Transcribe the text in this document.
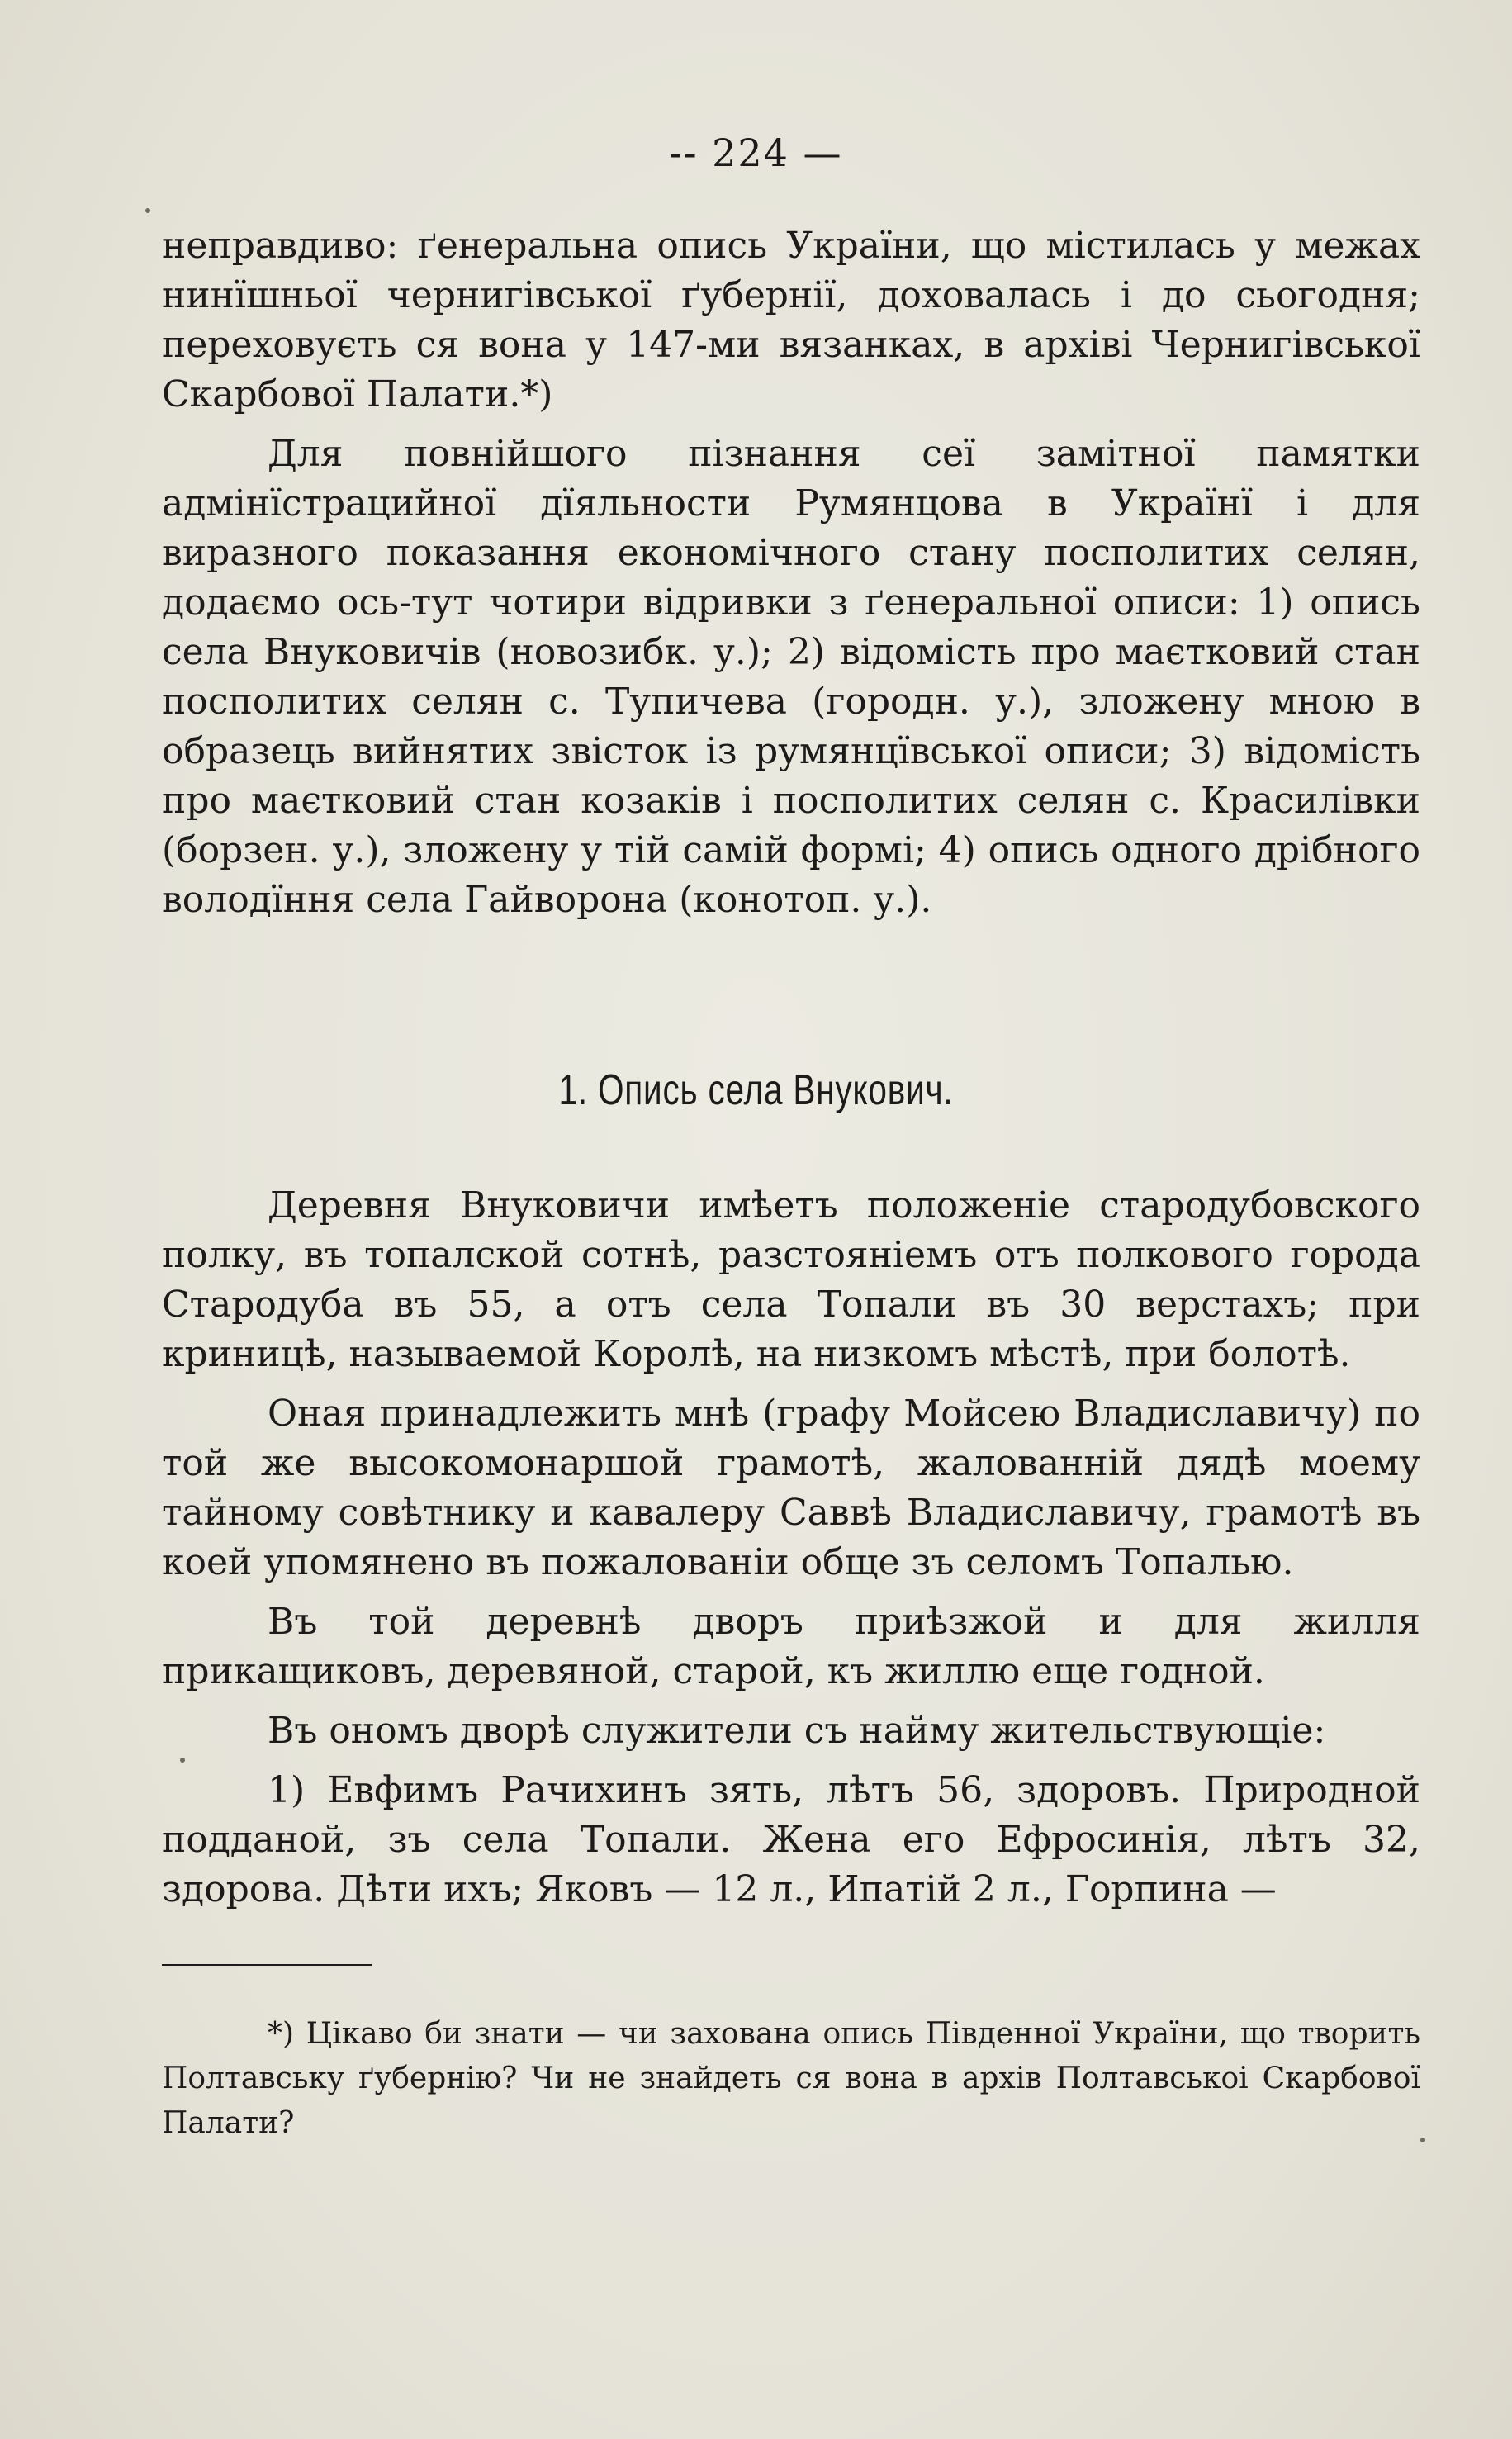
-- 224 —

неправдиво: ґенеральна опись України, що містилась у межах нинїшньої чернигівської ґубернії, доховалась і до сьогодня; переховуєть ся вона у 147-ми вязанках, в архіві Чернигівської Скарбової Палати.*)

Для повнійшого пізнання сеї замітної памятки адмінїстрацийної дїяльности Румянцова в Українї і для виразного показання економічного стану посполитих селян, додаємо ось-тут чотири відривки з ґенеральної описи: 1) опись села Внуковичів (новозибк. у.); 2) відомість про маєтковий стан посполитих селян с. Тупичева (городн. у.), зложену мною в образець вийнятих звісток із румянцївської описи; 3) відомість про маєтковий стан козаків і посполитих селян с. Красилівки (борзен. у.), зложену у тій самій формі; 4) опись одного дрібного володїння села Гайворона (конотоп. у.).

1. Опись села Внукович.

Деревня Внуковичи имѣетъ положеніе стародубовского полку, въ топалской сотнѣ, разстояніемъ отъ полкового города Стародуба въ 55, а отъ села Топали въ 30 верстахъ; при криницѣ, называемой Королѣ, на низкомъ мѣстѣ, при болотѣ.

Оная принадлежить мнѣ (графу Мойсею Владиславичу) по той же высокомонаршой грамотѣ, жалованній дядѣ моему тайному совѣтнику и кавалеру Саввѣ Владиславичу, грамотѣ въ коей упомянено въ пожалованіи обще зъ селомъ Топалью.

Въ той деревнѣ дворъ приѣзжой и для жилля прикащиковъ, деревяной, старой, къ жиллю еще годной.

Въ ономъ дворѣ служители съ найму жительствующіе:

1) Евфимъ Рачихинъ зять, лѣтъ 56, здоровъ. Природной подданой, зъ села Топали. Жена его Ефросинія, лѣтъ 32, здорова. Дѣти ихъ; Яковъ — 12 л., Ипатій 2 л., Горпина —

*) Цікаво би знати — чи захована опись Південної України, що творить Полтавську ґубернію? Чи не знайдеть ся вона в архів Полтавськоі Скарбової Палати?
